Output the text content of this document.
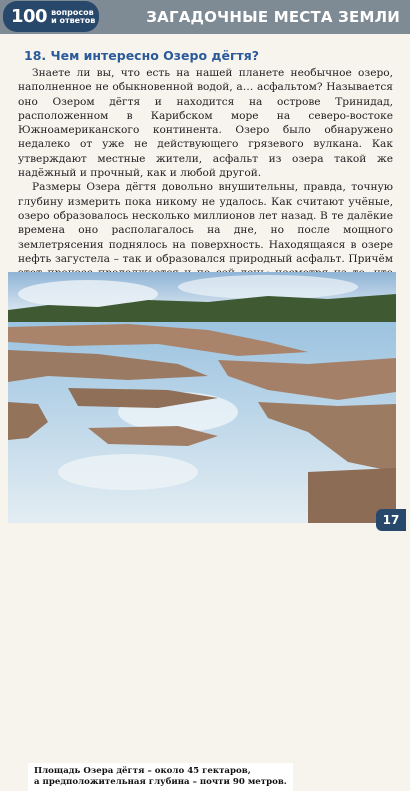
100 вопросов
и ответов	ЗАГАДОЧНЫЕ МЕСТА ЗЕМЛИ
18. Чем интересно Озеро дёгтя?

Знаете ли вы, что есть на нашей планете необычное озеро, наполненное не обыкновенной водой, а… асфальтом? Называется оно Озером дёгтя и находится на острове Тринидад, расположенном в Карибском море на северо-востоке Южноамериканского континента. Озеро было обнаружено недалеко от уже не действующего грязевого вулкана. Как утверждают местные жители, асфальт из озера такой же надёжный и прочный, как и любой другой.

Размеры Озера дёгтя довольно внушительны, правда, точную глубину измерить пока никому не удалось. Как считают учёные, озеро образовалось несколько миллионов лет назад. В те далёкие времена оно располагалось на дне, но после мощного землетрясения поднялось на поверхность. Находящаяся в озере нефть загустела – так и образовался природный асфальт. Причём

Площадь Озера дёгтя – около 45 гектаров,
а предположительная глубина – почти 90 метров.
17
